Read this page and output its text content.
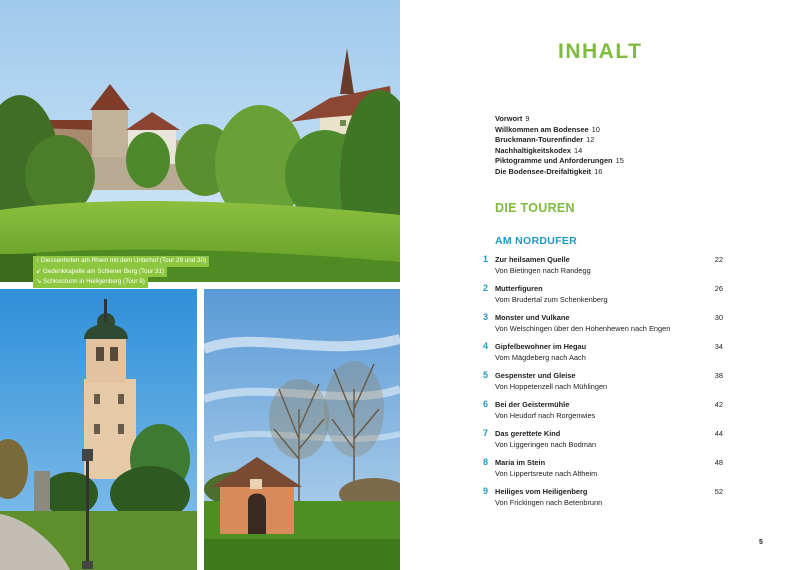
↑ Diessenhofen am Rhein mit dem Unterhof (Tour 29 und 30)
↙ Gedenkkapelle am Schiener Berg (Tour 31)
↘ Schlossturm in Heiligenberg (Tour 9)
INHALT
Vorwort 9
Willkommen am Bodensee 10
Bruckmann-Tourenfinder 12
Nachhaltigkeitskodex 14
Piktogramme und Anforderungen 15
Die Bodensee-Dreifaltigkeit 16
DIE TOUREN
AM NORDUFER
1 Zur heilsamen Quelle	22
Von Bietingen nach Randegg
2 Mutterfiguren	26
Vom Brudertal zum Schenkenberg
3 Monster und Vulkane	30
Von Welschingen über den Hohenhewen nach Engen
4 Gipfelbewohner im Hegau	34
Vom Mägdeberg nach Aach
5 Gespenster und Gleise	38
Von Hoppetenzell nach Mühlingen
6 Bei der Geistermühle	42
Von Heudorf nach Rorgenwies
7 Das gerettete Kind	44
Von Liggeringen nach Bodman
8 Maria im Stein	48
Von Lippertsreute nach Altheim
9 Heiliges vom Heiligenberg	52
Von Frickingen nach Betenbrunn
5
